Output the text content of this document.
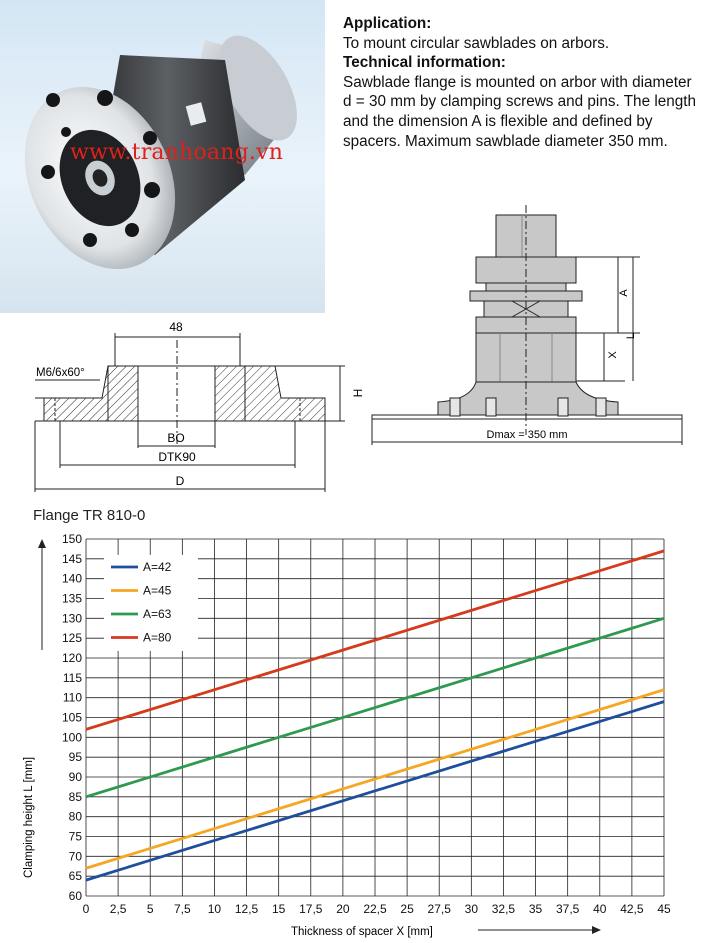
www.tranhoang.vn
Application:
To mount circular sawblades on arbors.
Technical information:
Sawblade flange is mounted on arbor with diameter
d = 30 mm by clamping screws and pins. The length
and the dimension A is flexible and defined by
spacers. Maximum sawblade diameter 350 mm.
48
M6/6x60°
H
BO
DTK90
D
A
L
X
Dmax = 350 mm
Flange TR 810-0
60
65
70
75
80
85
90
95
100
105
110
115
120
125
130
135
140
145
150
0 2,5 5 7,5 10 12,5 15 17,5 20 22,5 25 27,5 30 32,5 35 37,5 40 42,5 45
A=42
A=45
A=63
A=80
Clamping height L [mm]
Thickness of spacer X [mm]
